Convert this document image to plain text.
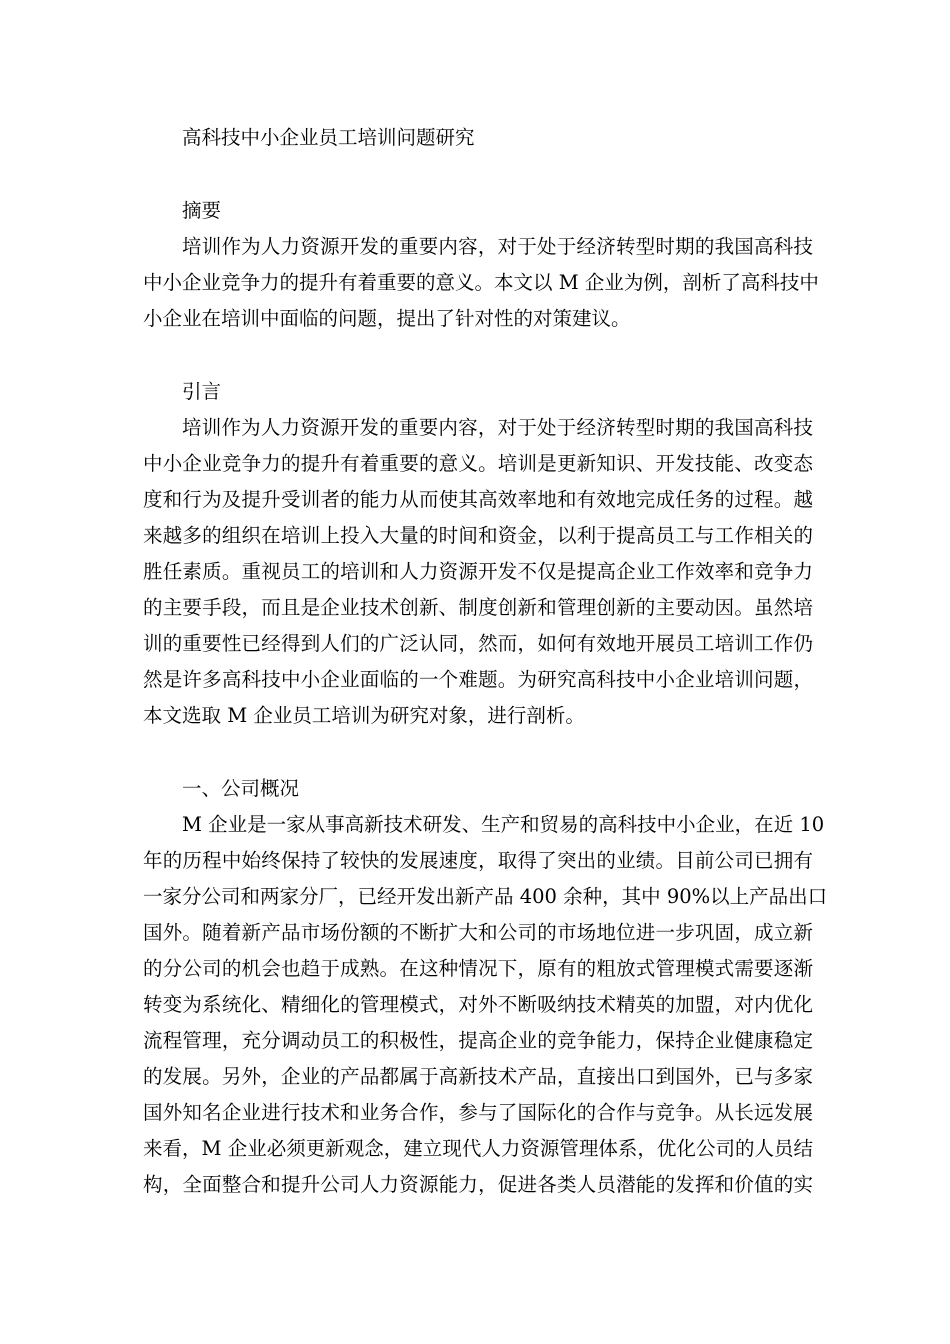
高科技中小企业员工培训问题研究
摘要
培训作为人力资源开发的重要内容，对于处于经济转型时期的我国高科技
中小企业竞争力的提升有着重要的意义。本文以 M 企业为例，剖析了高科技中
小企业在培训中面临的问题，提出了针对性的对策建议。
引言
培训作为人力资源开发的重要内容，对于处于经济转型时期的我国高科技
中小企业竞争力的提升有着重要的意义。培训是更新知识、开发技能、改变态
度和行为及提升受训者的能力从而使其高效率地和有效地完成任务的过程。越
来越多的组织在培训上投入大量的时间和资金，以利于提高员工与工作相关的
胜任素质。重视员工的培训和人力资源开发不仅是提高企业工作效率和竞争力
的主要手段，而且是企业技术创新、制度创新和管理创新的主要动因。虽然培
训的重要性已经得到人们的广泛认同，然而，如何有效地开展员工培训工作仍
然是许多高科技中小企业面临的一个难题。为研究高科技中小企业培训问题，
本文选取 M 企业员工培训为研究对象，进行剖析。
一、公司概况
M 企业是一家从事高新技术研发、生产和贸易的高科技中小企业，在近 10
年的历程中始终保持了较快的发展速度，取得了突出的业绩。目前公司已拥有
一家分公司和两家分厂，已经开发出新产品 400 余种，其中 90%以上产品出口
国外。随着新产品市场份额的不断扩大和公司的市场地位进一步巩固，成立新
的分公司的机会也趋于成熟。在这种情况下，原有的粗放式管理模式需要逐渐
转变为系统化、精细化的管理模式，对外不断吸纳技术精英的加盟，对内优化
流程管理，充分调动员工的积极性，提高企业的竞争能力，保持企业健康稳定
的发展。另外，企业的产品都属于高新技术产品，直接出口到国外，已与多家
国外知名企业进行技术和业务合作，参与了国际化的合作与竞争。从长远发展
来看，M 企业必须更新观念，建立现代人力资源管理体系，优化公司的人员结
构，全面整合和提升公司人力资源能力，促进各类人员潜能的发挥和价值的实
